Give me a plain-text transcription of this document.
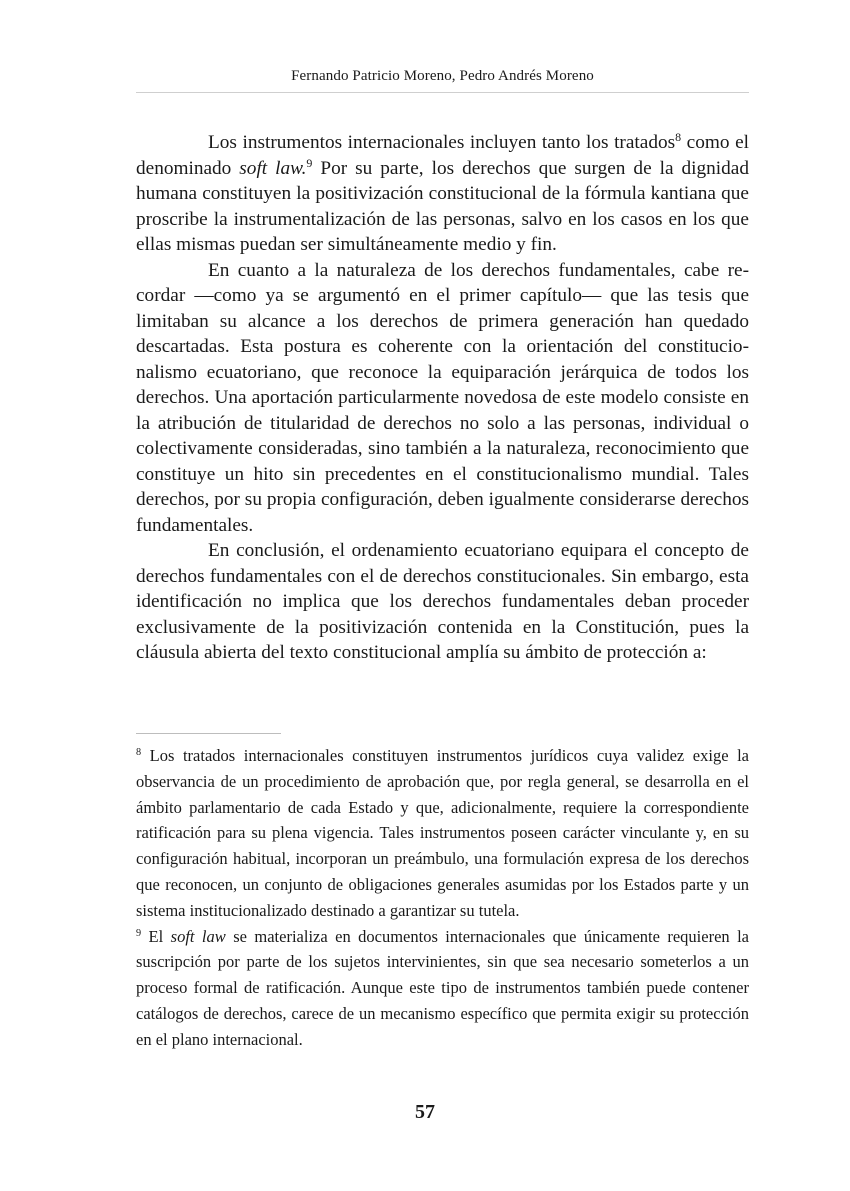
Fernando Patricio Moreno, Pedro Andrés Moreno

Los instrumentos internacionales incluyen tanto los tratados$^8$ como el denominado soft law.$^9$ Por su parte, los derechos que surgen de la dignidad humana constituyen la positivización constitucional de la fórmula kantiana que proscribe la instrumentalización de las personas, salvo en los casos en los que ellas mismas puedan ser simultáneamente medio y fin.

En cuanto a la naturaleza de los derechos fundamentales, cabe recordar —como ya se argumentó en el primer capítulo— que las tesis que limitaban su alcance a los derechos de primera generación han quedado descartadas. Esta postura es coherente con la orientación del constitucionalismo ecuatoriano, que reconoce la equiparación jerárquica de todos los derechos. Una aportación particularmente novedosa de este modelo consiste en la atribución de titularidad de derechos no solo a las personas, individual o colectivamente consideradas, sino también a la naturaleza, reconocimiento que constituye un hito sin precedentes en el constitucionalismo mundial. Tales derechos, por su propia configuración, deben igualmente considerarse derechos fundamentales.

En conclusión, el ordenamiento ecuatoriano equipara el concepto de derechos fundamentales con el de derechos constitucionales. Sin embargo, esta identificación no implica que los derechos fundamentales deban proceder exclusivamente de la positivización contenida en la Constitución, pues la cláusula abierta del texto constitucional amplía su ámbito de protección a:

$^8$ Los tratados internacionales constituyen instrumentos jurídicos cuya validez exige la observancia de un procedimiento de aprobación que, por regla general, se desarrolla en el ámbito parlamentario de cada Estado y que, adicionalmente, requiere la correspondiente ratificación para su plena vigencia. Tales instrumentos poseen carácter vinculante y, en su configuración habitual, incorporan un preámbulo, una formulación expresa de los derechos que reconocen, un conjunto de obligaciones generales asumidas por los Estados parte y un sistema institucionalizado destinado a garantizar su tutela.

$^9$ El soft law se materializa en documentos internacionales que únicamente requieren la suscripción por parte de los sujetos intervinientes, sin que sea necesario someterlos a un proceso formal de ratificación. Aunque este tipo de instrumentos también puede contener catálogos de derechos, carece de un mecanismo específico que permita exigir su protección en el plano internacional.

57
